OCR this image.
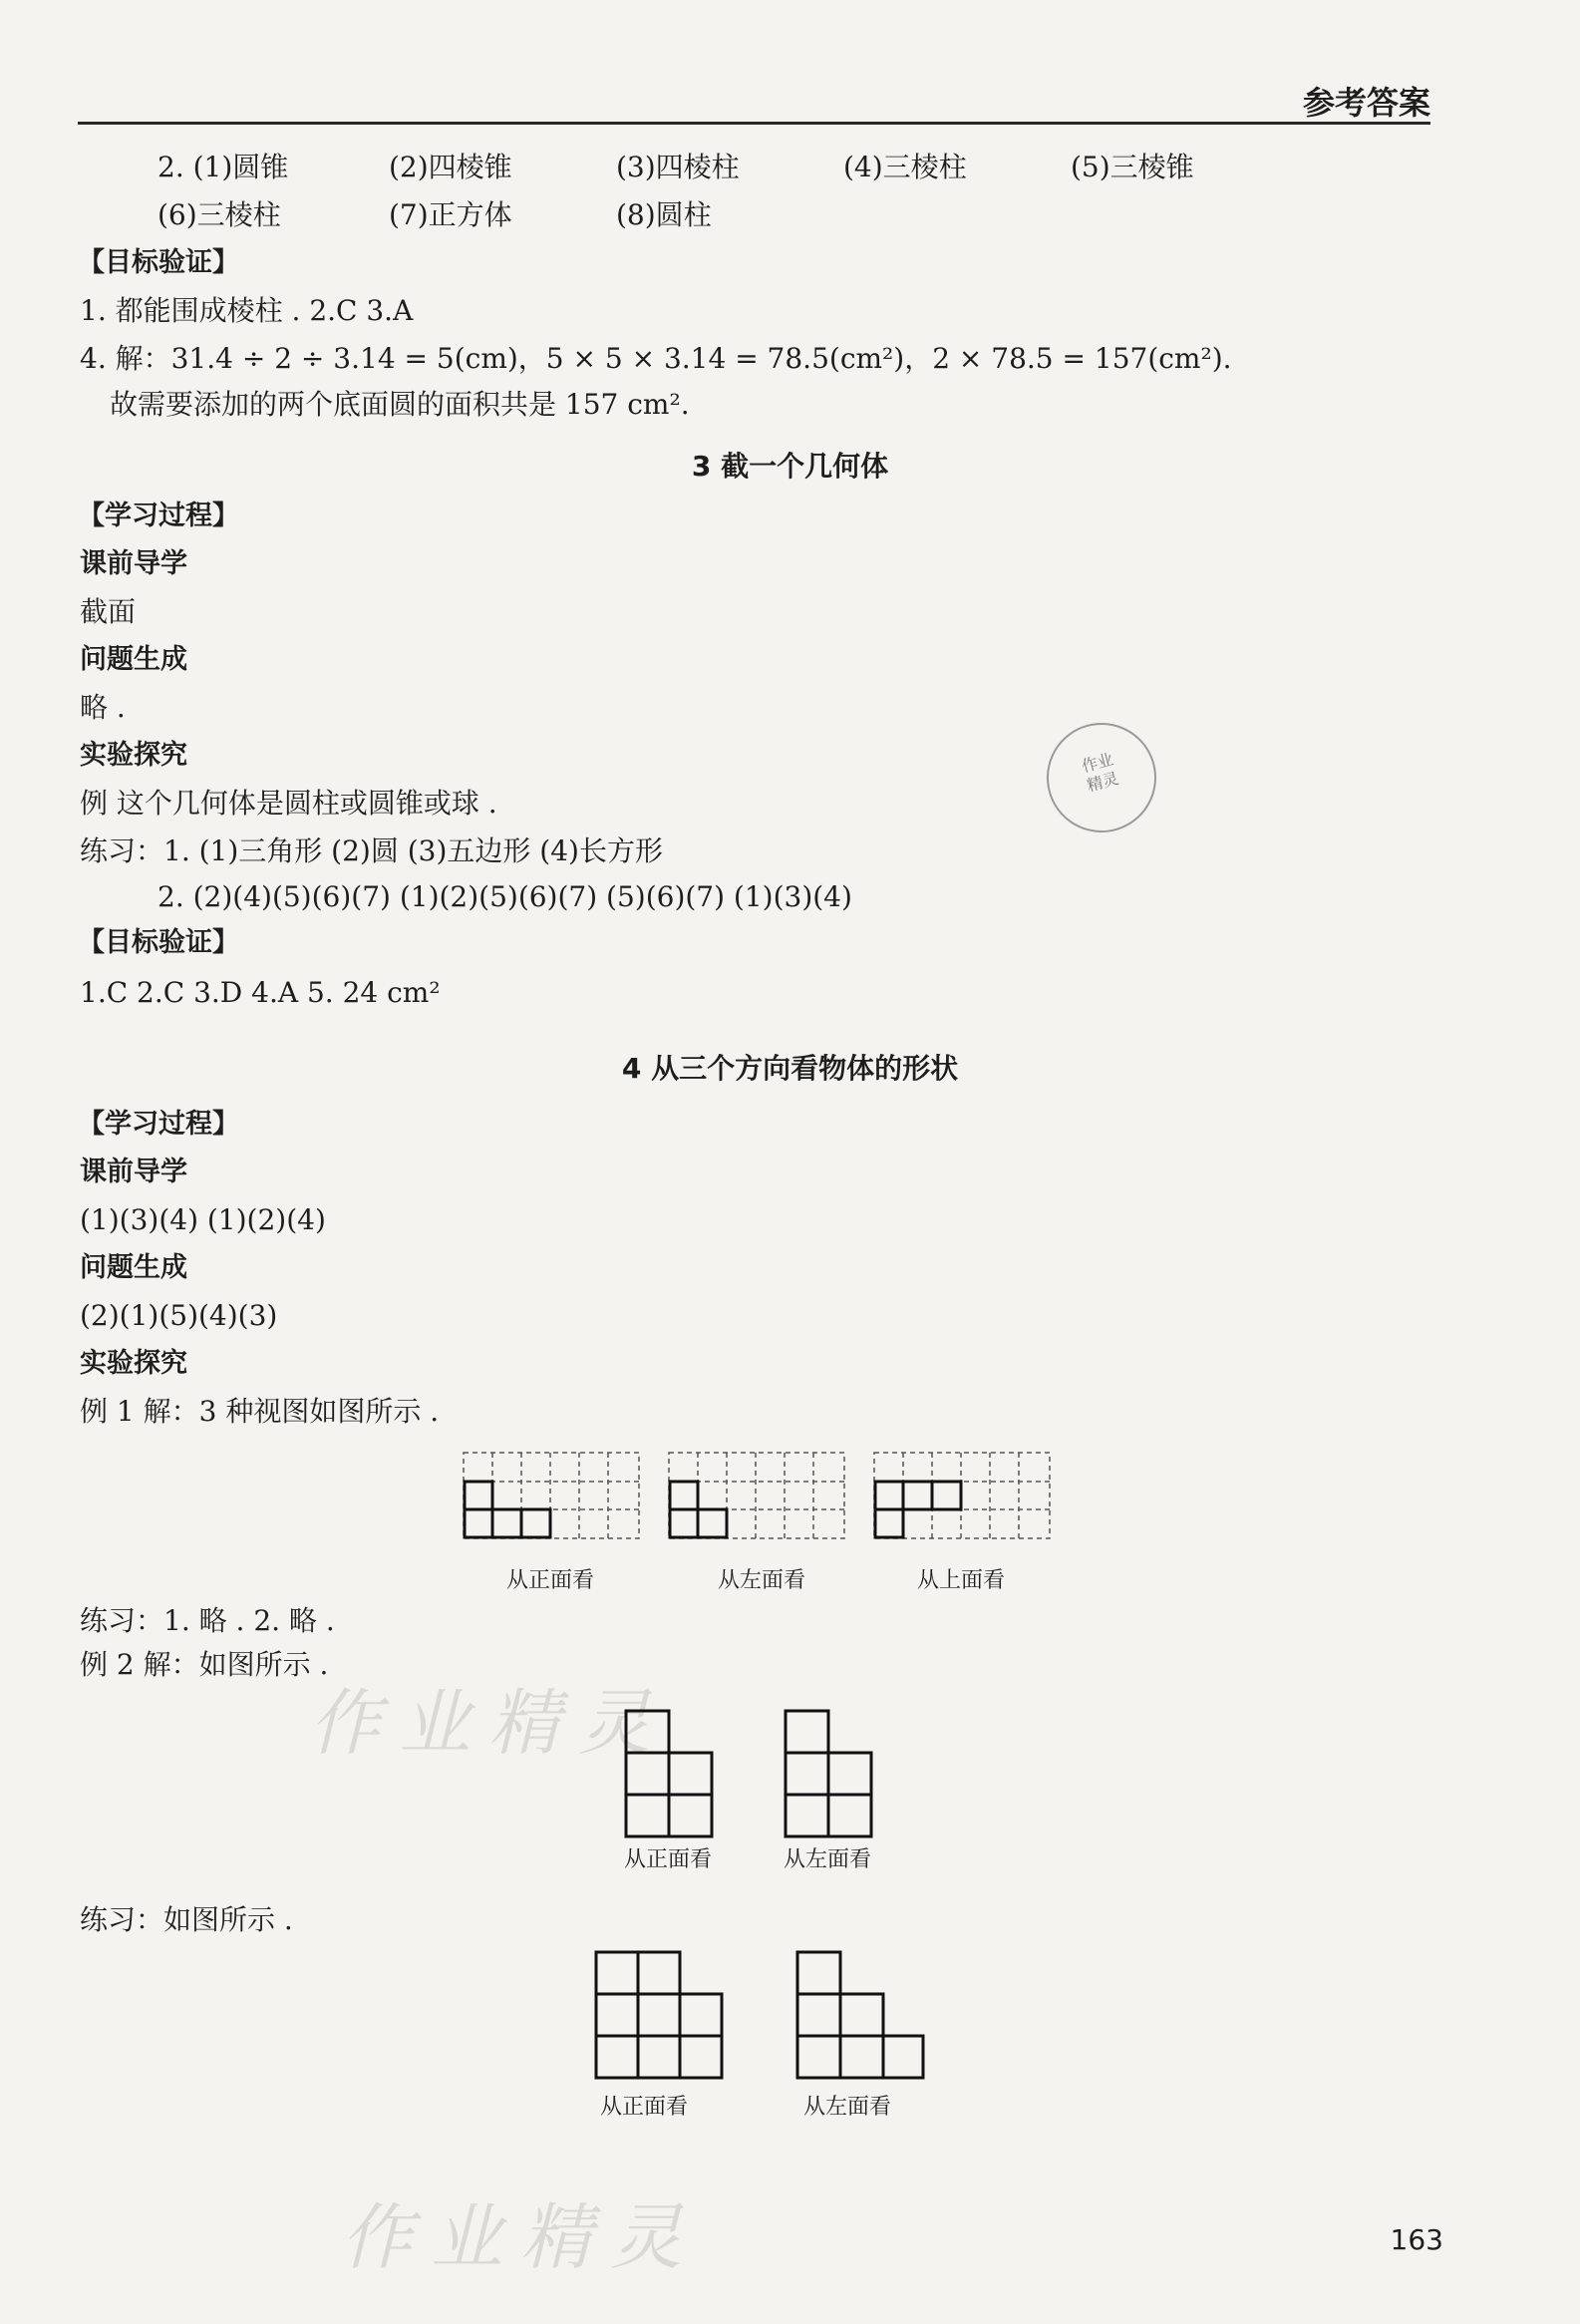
参考答案
2. (1)圆锥	(2)四棱锥	(3)四棱柱	(4)三棱柱	(5)三棱锥
(6)三棱柱	(7)正方体	(8)圆柱
【目标验证】
1. 都能围成棱柱 . 2.C 3.A
4. 解：31.4 ÷ 2 ÷ 3.14 = 5(cm)，5 × 5 × 3.14 = 78.5(cm²)，2 × 78.5 = 157(cm²).
故需要添加的两个底面圆的面积共是 157 cm².
3 截一个几何体
【学习过程】
课前导学
截面
问题生成
略 .
实验探究
例 这个几何体是圆柱或圆锥或球 .
练习：1. (1)三角形 (2)圆 (3)五边形 (4)长方形
2. (2)(4)(5)(6)(7) (1)(2)(5)(6)(7) (5)(6)(7) (1)(3)(4)
【目标验证】
1.C 2.C 3.D 4.A 5. 24 cm²
作业
精灵
4 从三个方向看物体的形状
【学习过程】
课前导学
(1)(3)(4) (1)(2)(4)
问题生成
(2)(1)(5)(4)(3)
实验探究
例 1 解：3 种视图如图所示 .
从正面看	从左面看	从上面看
练习：1. 略 . 2. 略 .
例 2 解：如图所示 .
作业精灵
从正面看	从左面看
练习：如图所示 .
从正面看	从左面看
作业精灵	163
